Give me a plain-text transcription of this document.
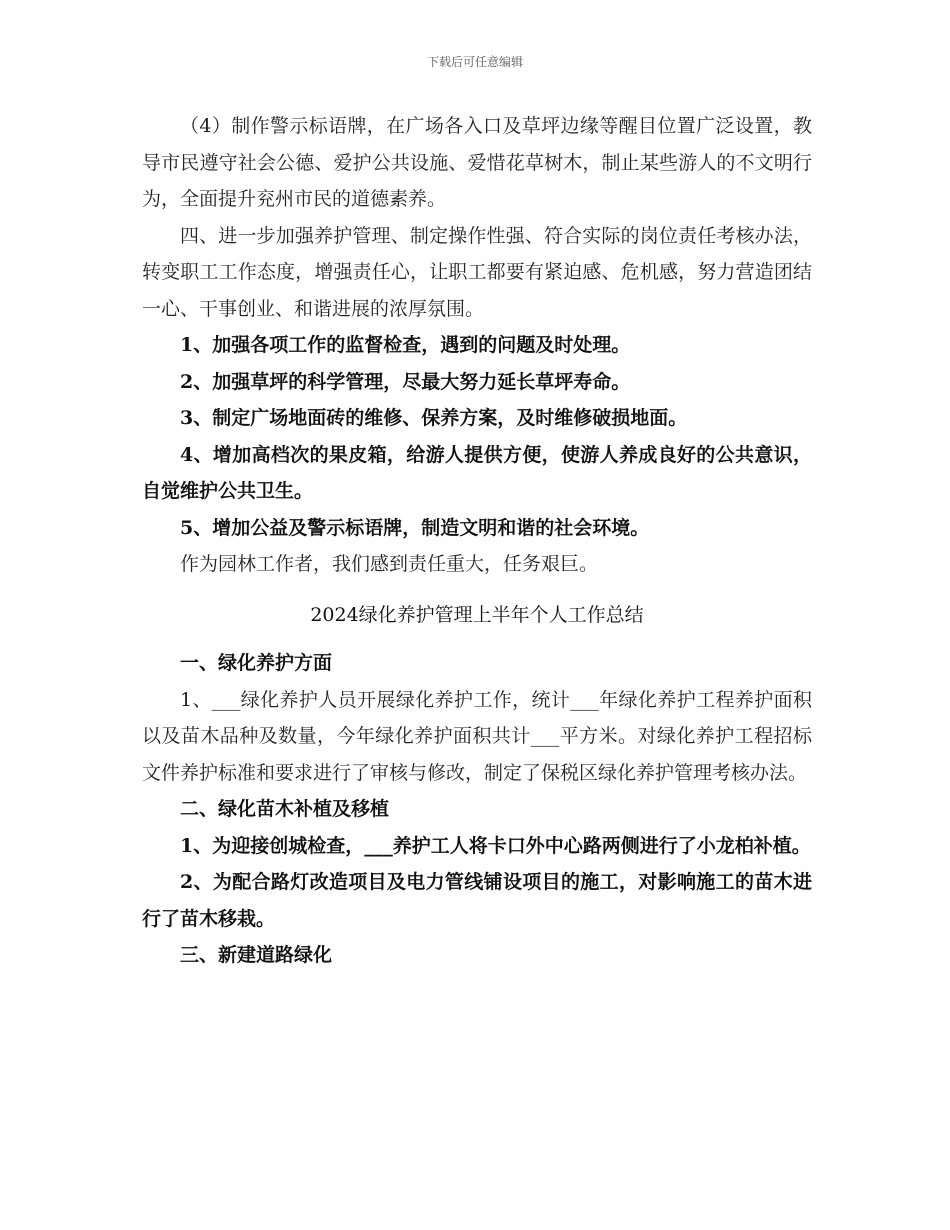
下载后可任意编辑

（4）制作警示标语牌，在广场各入口及草坪边缘等醒目位置广泛设置，教导市民遵守社会公德、爱护公共设施、爱惜花草树木，制止某些游人的不文明行为，全面提升兖州市民的道德素养。

四、进一步加强养护管理、制定操作性强、符合实际的岗位责任考核办法，转变职工工作态度，增强责任心，让职工都要有紧迫感、危机感，努力营造团结一心、干事创业、和谐进展的浓厚氛围。

1、加强各项工作的监督检查，遇到的问题及时处理。

2、加强草坪的科学管理，尽最大努力延长草坪寿命。

3、制定广场地面砖的维修、保养方案，及时维修破损地面。

4、增加高档次的果皮箱，给游人提供方便，使游人养成良好的公共意识，自觉维护公共卫生。

5、增加公益及警示标语牌，制造文明和谐的社会环境。

作为园林工作者，我们感到责任重大，任务艰巨。

2024绿化养护管理上半年个人工作总结

一、绿化养护方面

1、___绿化养护人员开展绿化养护工作，统计___年绿化养护工程养护面积以及苗木品种及数量，今年绿化养护面积共计___平方米。对绿化养护工程招标文件养护标准和要求进行了审核与修改，制定了保税区绿化养护管理考核办法。

二、绿化苗木补植及移植

1、为迎接创城检查，___养护工人将卡口外中心路两侧进行了小龙柏补植。

2、为配合路灯改造项目及电力管线铺设项目的施工，对影响施工的苗木进行了苗木移栽。

三、新建道路绿化
